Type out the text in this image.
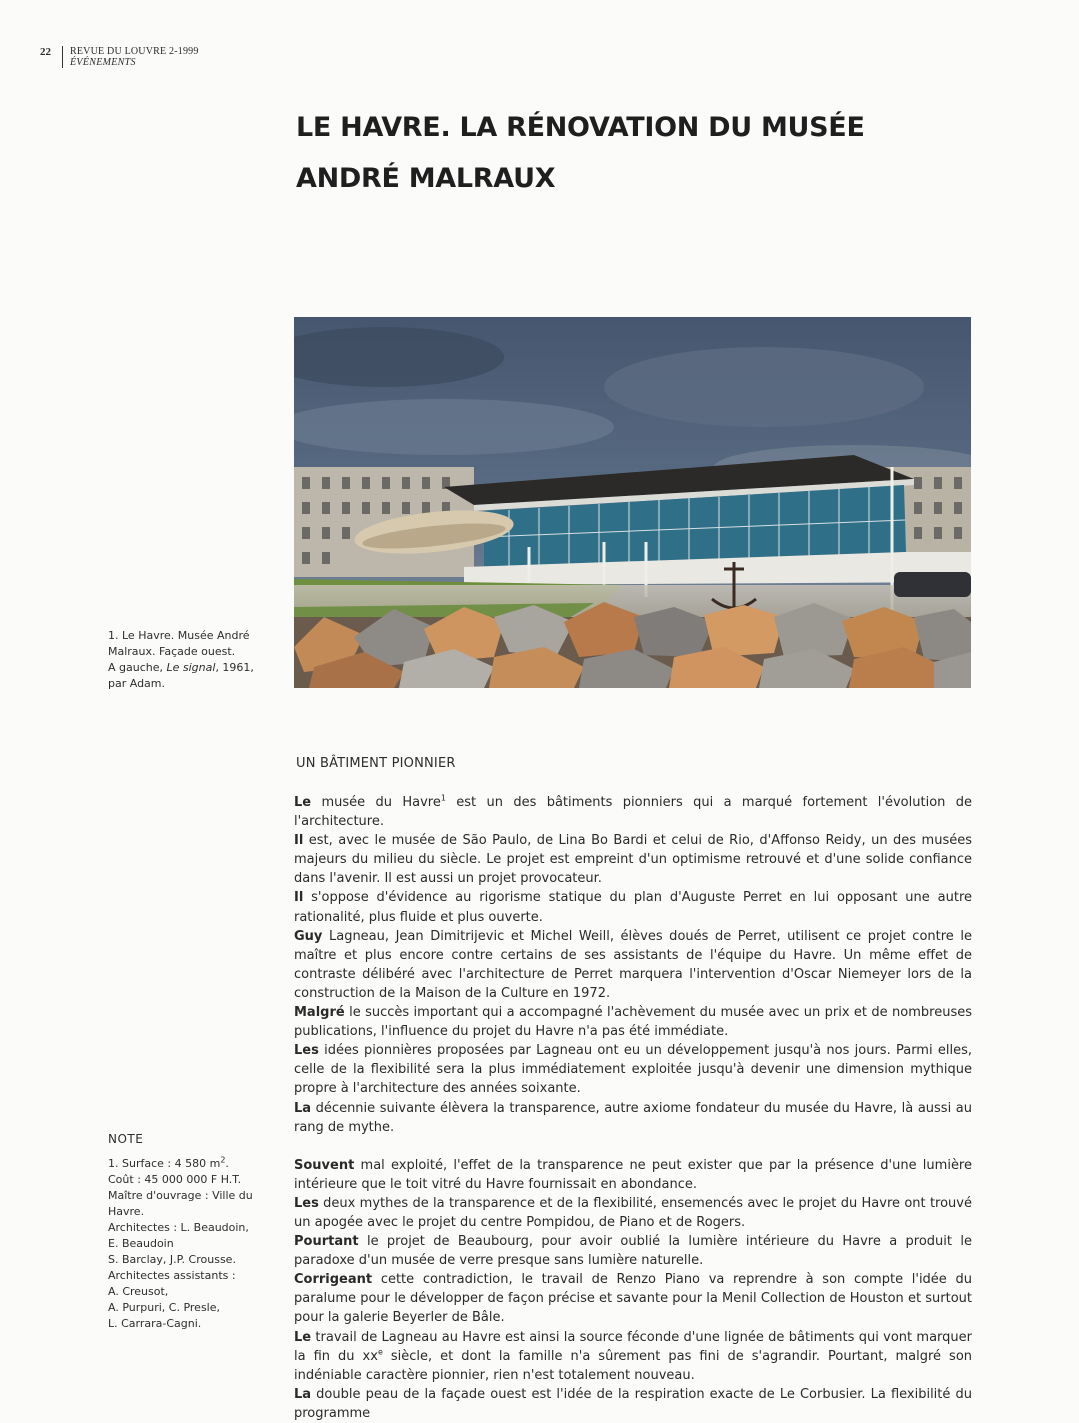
22 REVUE DU LOUVRE 2-1999
ÉVÉNEMENTS
LE HAVRE. LA RÉNOVATION DU MUSÉE
ANDRÉ MALRAUX
1. Le Havre. Musée André
Malraux. Façade ouest.
A gauche, Le signal, 1961,
par Adam.
UN BÂTIMENT PIONNIER

Le musée du Havre$^1$ est un des bâtiments pionniers qui a marqué fortement l'évolution de l'architecture.

Il est, avec le musée de São Paulo, de Lina Bo Bardi et celui de Rio, d'Affonso Reidy, un des musées majeurs du milieu du siècle. Le projet est empreint d'un optimisme retrouvé et d'une solide confiance dans l'avenir. Il est aussi un projet provocateur.

Il s'oppose d'évidence au rigorisme statique du plan d'Auguste Perret en lui opposant une autre rationalité, plus fluide et plus ouverte.

Guy Lagneau, Jean Dimitrijevic et Michel Weill, élèves doués de Perret, utilisent ce projet contre le maître et plus encore contre certains de ses assistants de l'équipe du Havre. Un même effet de contraste délibéré avec l'architecture de Perret marquera l'intervention d'Oscar Niemeyer lors de la construction de la Maison de la Culture en 1972.

Malgré le succès important qui a accompagné l'achèvement du musée avec un prix et de nombreuses publications, l'influence du projet du Havre n'a pas été immédiate.

Les idées pionnières proposées par Lagneau ont eu un développement jusqu'à nos jours. Parmi elles, celle de la flexibilité sera la plus immédiatement exploitée jusqu'à devenir une dimension mythique propre à l'architecture des années soixante.

La décennie suivante élèvera la transparence, autre axiome fondateur du musée du Havre, là aussi au rang de mythe.

Souvent mal exploité, l'effet de la transparence ne peut exister que par la présence d'une lumière intérieure que le toit vitré du Havre fournissait en abondance.

Les deux mythes de la transparence et de la flexibilité, ensemencés avec le projet du Havre ont trouvé un apogée avec le projet du centre Pompidou, de Piano et de Rogers.

Pourtant le projet de Beaubourg, pour avoir oublié la lumière intérieure du Havre a produit le paradoxe d'un musée de verre presque sans lumière naturelle.

Corrigeant cette contradiction, le travail de Renzo Piano va reprendre à son compte l'idée du paralume pour le développer de façon précise et savante pour la Menil Collection de Houston et surtout pour la galerie Beyerler de Bâle.

Le travail de Lagneau au Havre est ainsi la source féconde d'une lignée de bâtiments qui vont marquer la fin du $xx^e$ siècle, et dont la famille n'a sûrement pas fini de s'agrandir. Pourtant, malgré son indéniable caractère pionnier, rien n'est totalement nouveau.

La double peau de la façade ouest est l'idée de la respiration exacte de Le Corbusier. La flexibilité du programme

NOTE
1. Surface : 4 580 $m^2$.
Coût : 45 000 000 F H.T.
Maître d'ouvrage : Ville du
Havre.
Architectes : L. Beaudoin,
E. Beaudoin
S. Barclay, J.P. Crousse.
Architectes assistants :
A. Creusot,
A. Purpuri, C. Presle,
L. Carrara-Cagni.
